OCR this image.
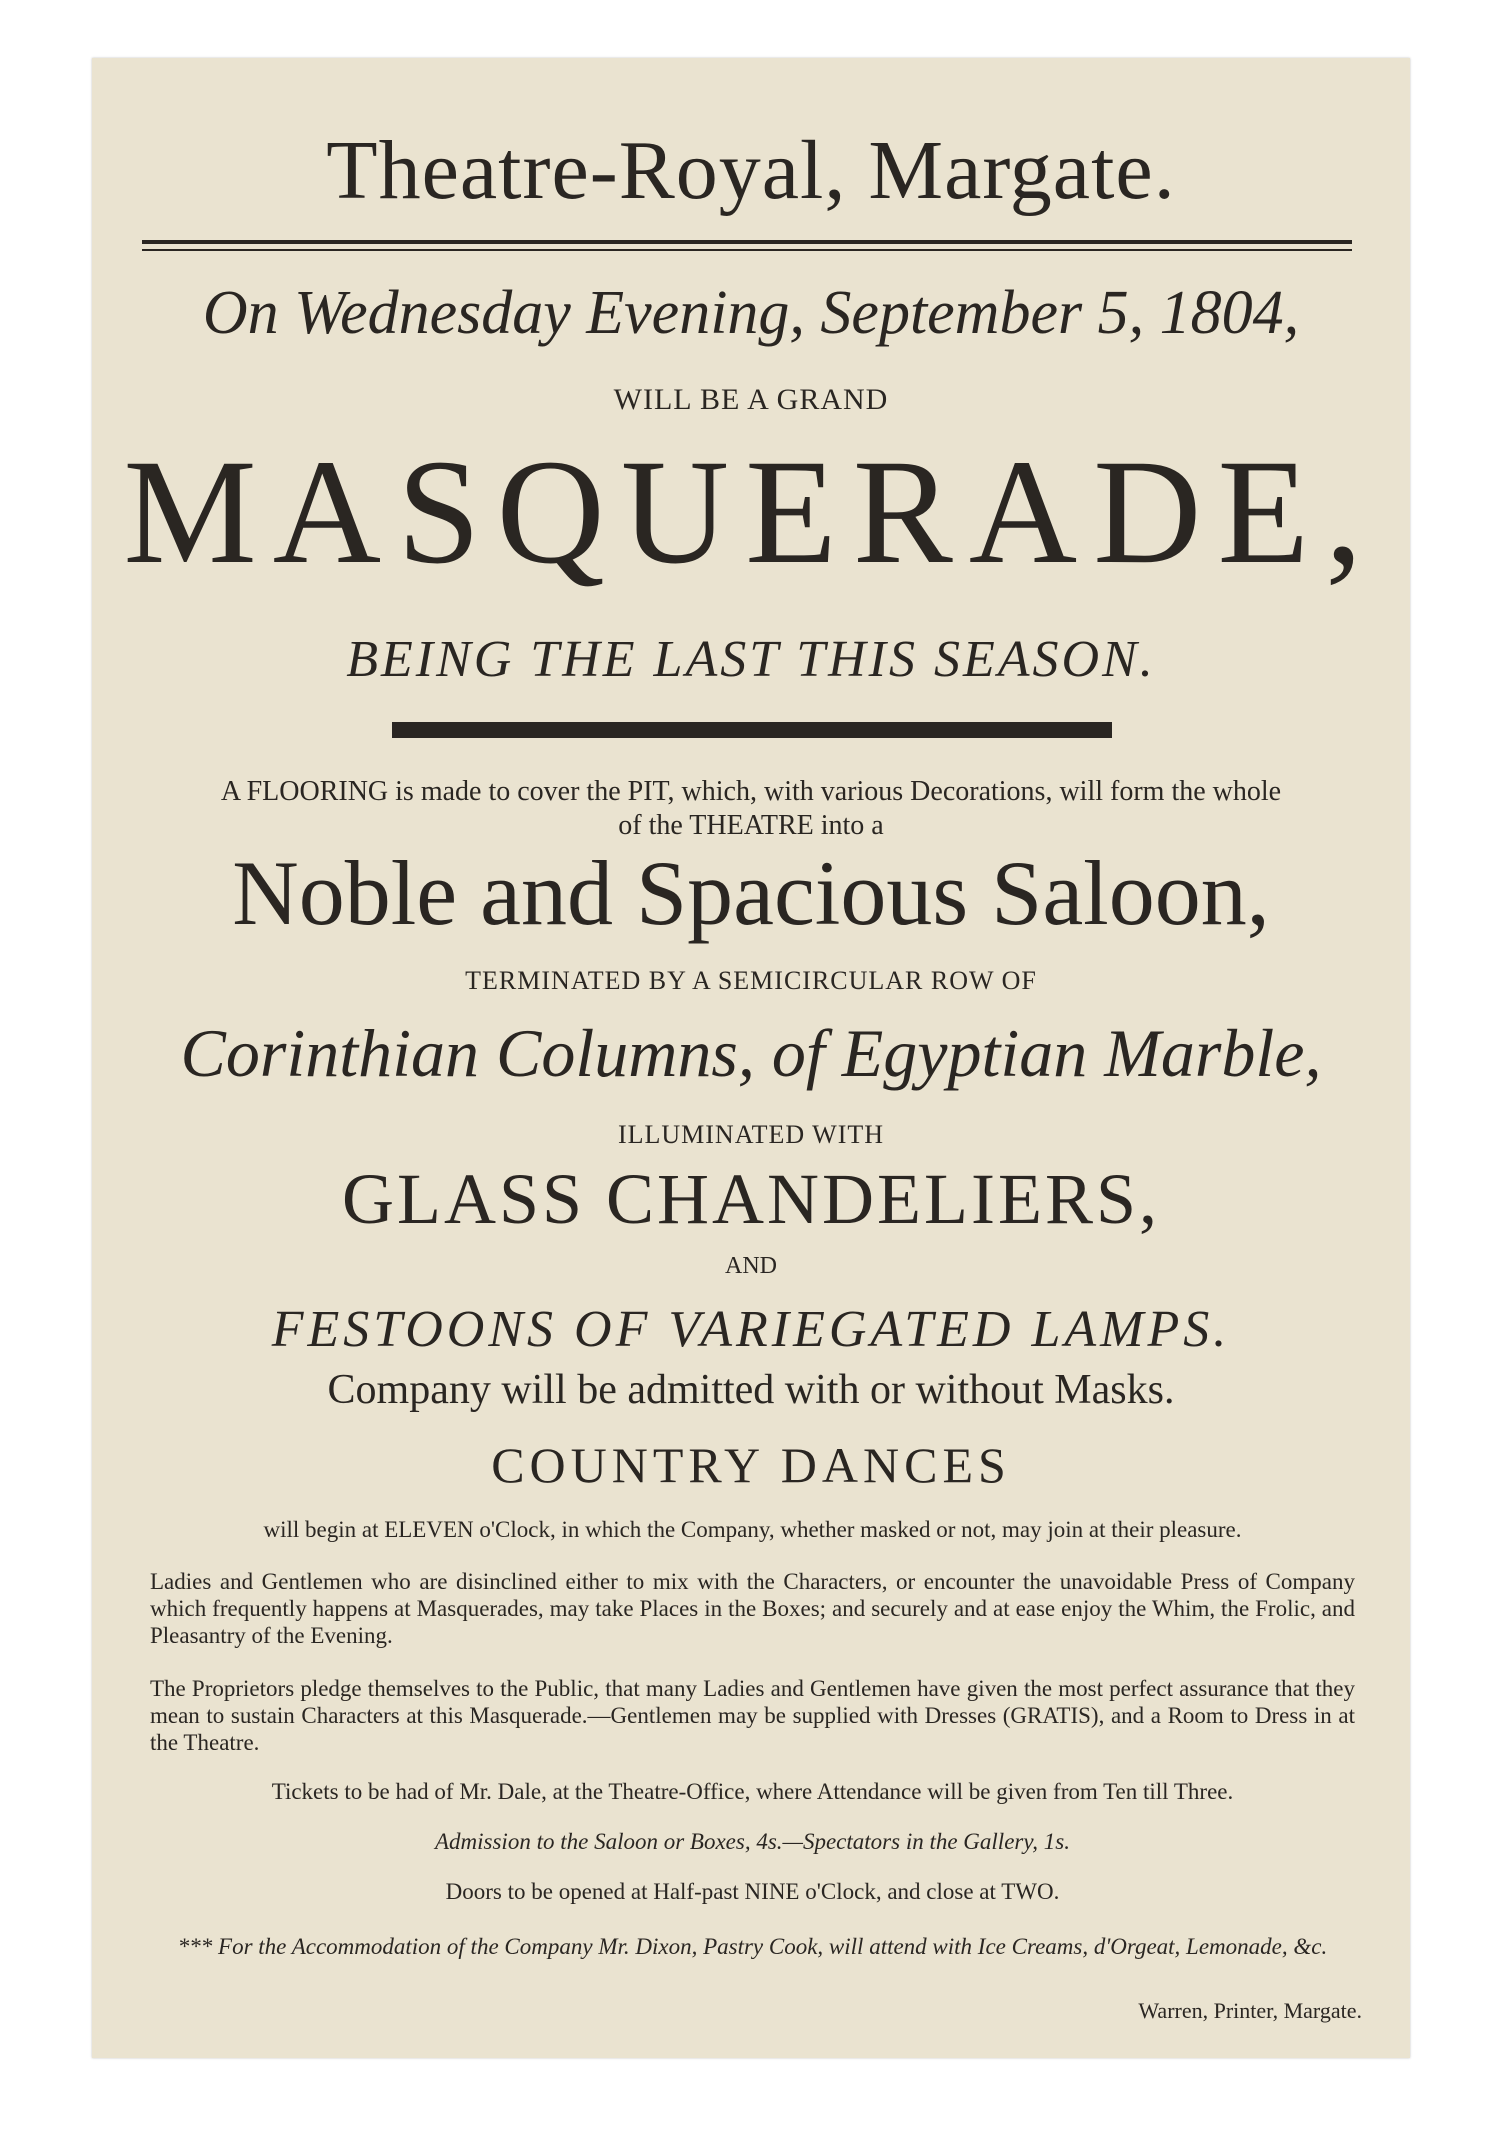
Theatre-Royal, Margate.
On Wednesday Evening, September 5, 1804,
WILL BE A GRAND
MASQUERADE,
BEING THE LAST THIS SEASON.
A FLOORING is made to cover the PIT, which, with various Decorations, will form the whole
of the THEATRE into a
Noble and Spacious Saloon,
TERMINATED BY A SEMICIRCULAR ROW OF
Corinthian Columns, of Egyptian Marble,
ILLUMINATED WITH
GLASS CHANDELIERS,
AND
FESTOONS OF VARIEGATED LAMPS.
Company will be admitted with or without Masks.
COUNTRY DANCES
will begin at ELEVEN o'Clock, in which the Company, whether masked or not, may join at their pleasure.
Ladies and Gentlemen who are disinclined either to mix with the Characters, or encounter the unavoidable Press of Company which frequently happens at Masquerades, may take Places in the Boxes; and securely and at ease enjoy the Whim, the Frolic, and Pleasantry of the Evening.
The Proprietors pledge themselves to the Public, that many Ladies and Gentlemen have given the most perfect assurance that they mean to sustain Characters at this Masquerade.—Gentlemen may be supplied with Dresses (GRATIS), and a Room to Dress in at the Theatre.
Tickets to be had of Mr. Dale, at the Theatre-Office, where Attendance will be given from Ten till Three.
Admission to the Saloon or Boxes, 4s.—Spectators in the Gallery, 1s.
Doors to be opened at Half-past NINE o'Clock, and close at TWO.
*** For the Accommodation of the Company Mr. Dixon, Pastry Cook, will attend with Ice Creams, d'Orgeat, Lemonade, &c.
Warren, Printer, Margate.
